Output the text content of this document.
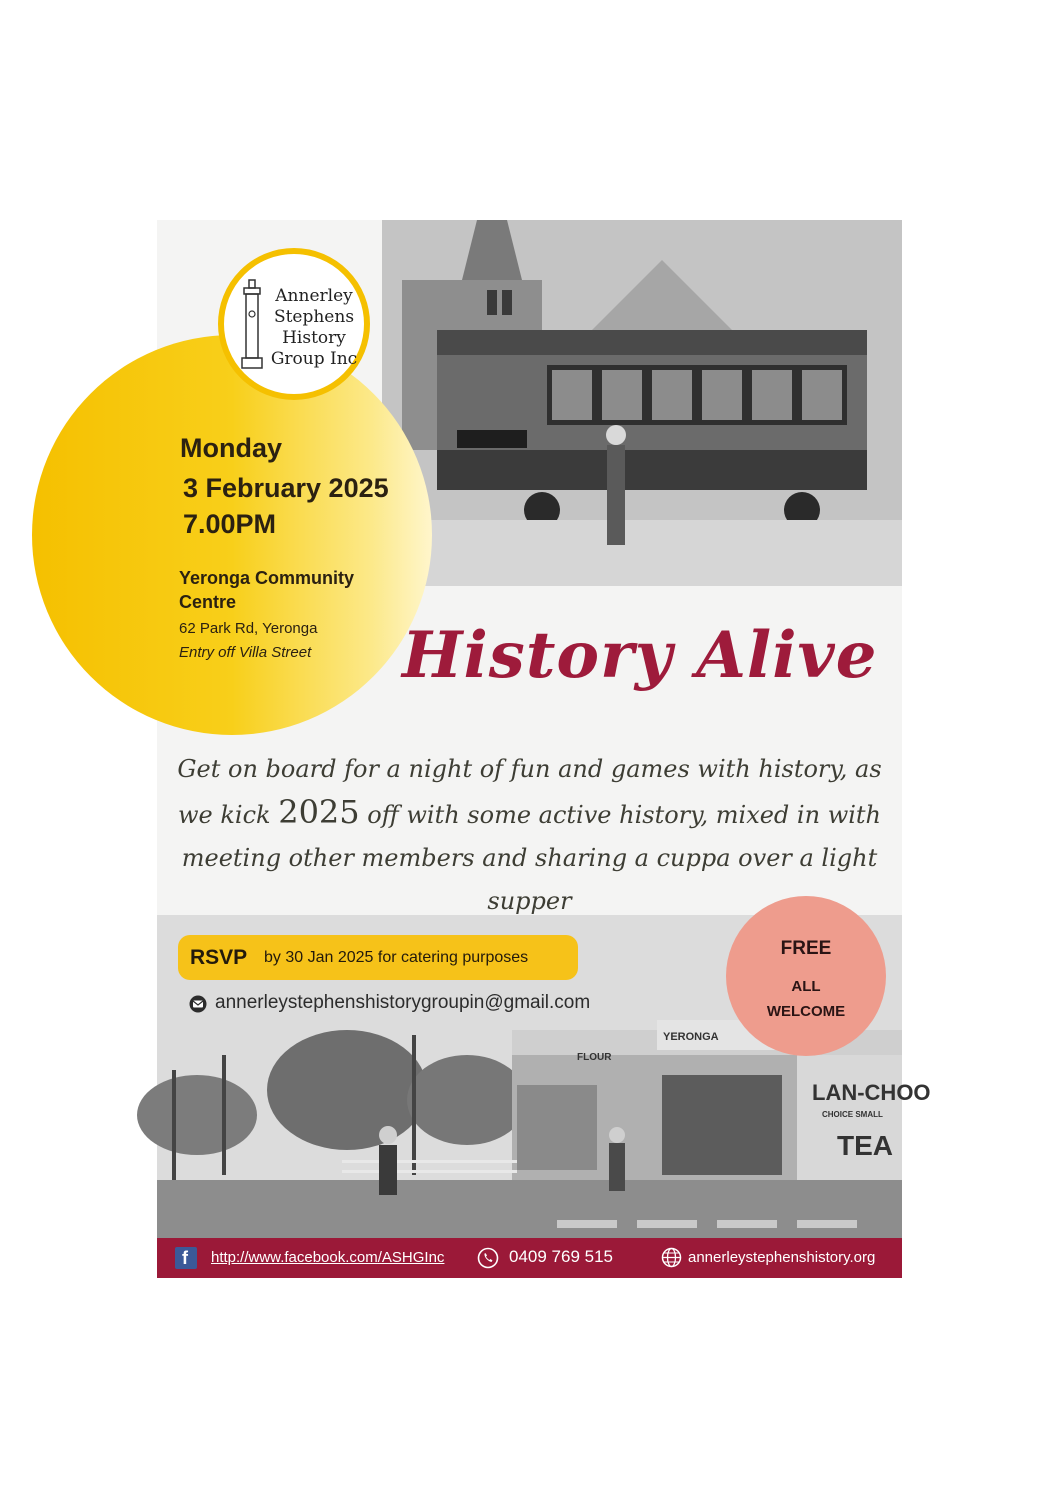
Annerley
Stephens
History
Group Inc
Monday
3 February 2025
7.00PM
Yeronga Community Centre
62 Park Rd, Yeronga
Entry off Villa Street History Alive
Get on board for a night of fun and games with history, as we kick 2025 off with some active history, mixed in with meeting other members and sharing a cuppa over a light supper
YERONGA
FLOUR
LAN-CHOO
CHOICE SMALL
TEA
RSVP by 30 Jan 2025 for catering purposes
annerleystephenshistorygroupin@gmail.com
FREE
ALL
WELCOME
f http://www.facebook.com/ASHGInc	0409 769 515	annerleystephenshistory.org
